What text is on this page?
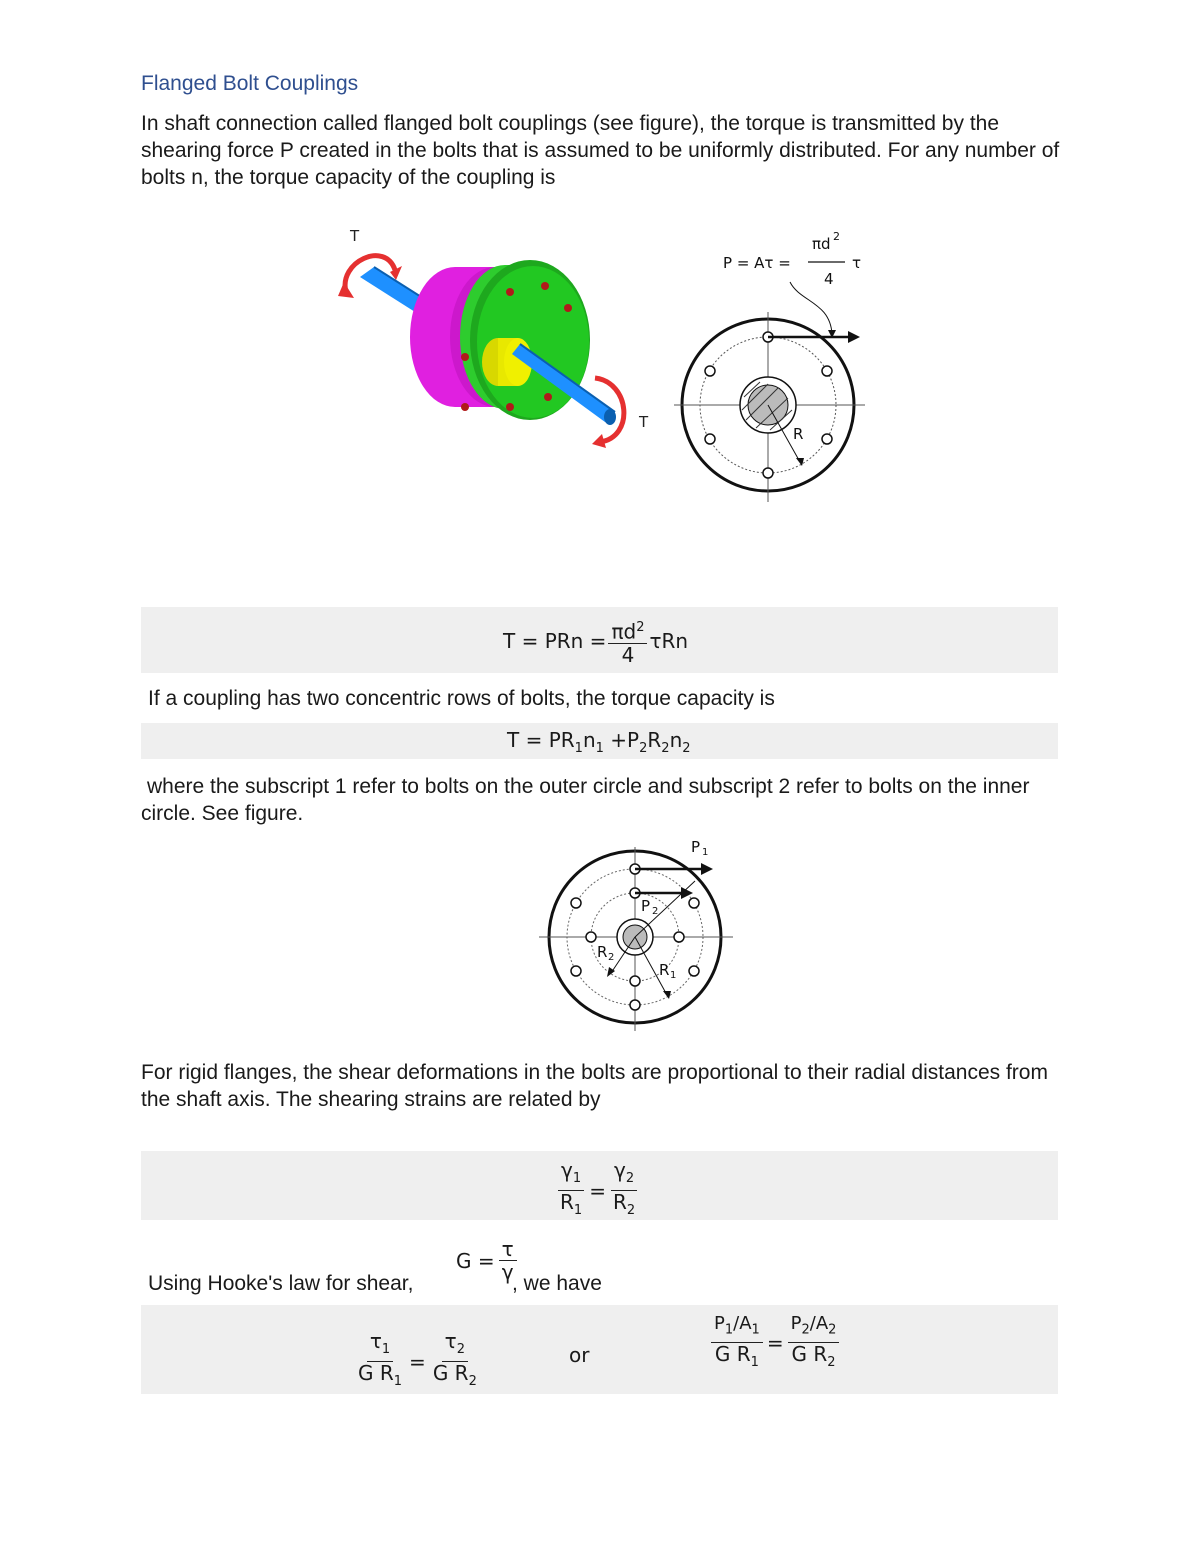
Flanged Bolt Couplings
In shaft connection called flanged bolt couplings (see figure), the torque is transmitted by the shearing force P created in the bolts that is assumed to be uniformly distributed. For any number of bolts n, the torque capacity of the coupling is
T
T
P = Aτ =
πd 2
4
τ
R
T = PRn = $\frac{\pi d^2}{4}$ τRn
If a coupling has two concentric rows of bolts, the torque capacity is
$T = PR_1n_1 +P_2R_2n_2$
where the subscript 1 refer to bolts on the outer circle and subscript 2 refer to bolts on the inner circle. See figure.
P 1
P 2
R 1
R 2
For rigid flanges, the shear deformations in the bolts are proportional to their radial distances from the shaft axis. The shearing strains are related by
$\frac{\gamma_1}{R_1} = \frac{\gamma_2}{R_2}$
Using Hooke's law for shear,
$G = \frac{\tau}{\gamma}$
, we have
$\frac{\tau_1}{G R_1} = \frac{\tau_2}{G R_2}$	or	$\frac{P_1/A_1}{G R_1} = \frac{P_2/A_2}{G R_2}$
